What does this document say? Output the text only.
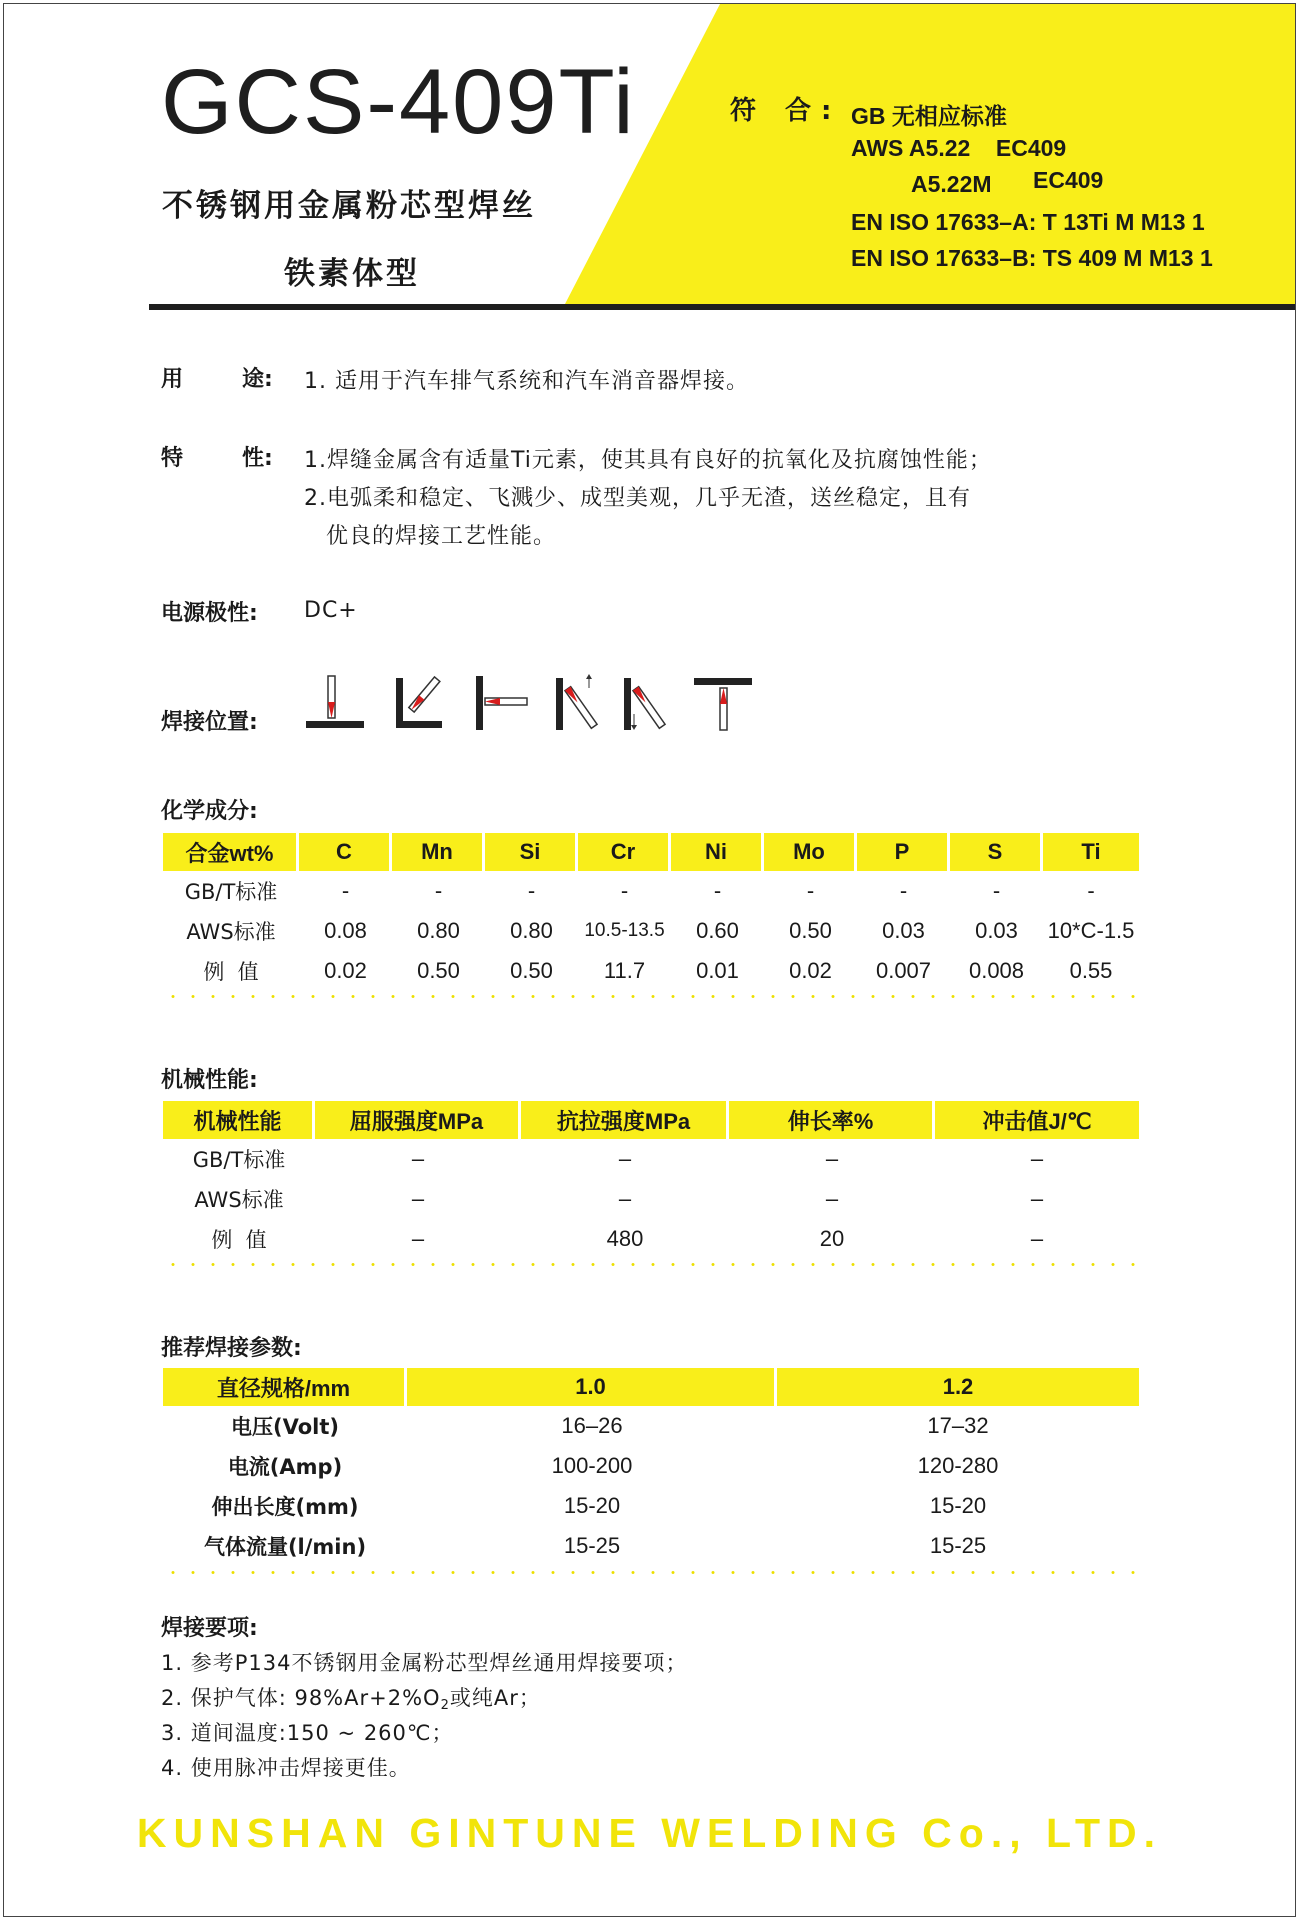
GCS-409Ti
不锈钢用金属粉芯型焊丝
铁素体型
符 合: GB 无相应标准
AWS A5.22    EC409
A5.22M EC409
EN ISO 17633–A: T 13Ti M M13 1
EN ISO 17633–B: TS 409 M M13 1
用	途: 1. 适用于汽车排气系统和汽车消音器焊接。
特	性: 1.焊缝金属含有适量Ti元素，使其具有良好的抗氧化及抗腐蚀性能；
2.电弧柔和稳定、飞溅少、成型美观，几乎无渣，送丝稳定，且有
优良的焊接工艺性能。
电源极性: DC+
焊接位置:
化学成分:
合金wt%	C	Mn	Si	Cr	Ni	Mo	P	S	Ti
GB/T标准	-	-	-	-	-	-	-	-	-
AWS标准	0.08	0.80	0.80	10.5-13.5	0.60	0.50	0.03	0.03	10*C-1.5
例  值	0.02	0.50	0.50	11.7	0.01	0.02	0.007	0.008	0.55
机械性能:
机械性能	屈服强度MPa	抗拉强度MPa	伸长率%	冲击值J/℃
GB/T标准	–	–	–	–
AWS标准	–	–	–	–
例  值	–	480	20	–
推荐焊接参数:
直径规格/mm	1.0	1.2
电压(Volt)	16–26	17–32
电流(Amp)	100-200	120-280
伸出长度(mm)	15-20	15-20
气体流量(l/min)	15-25	15-25
焊接要项:
1. 参考P134不锈钢用金属粉芯型焊丝通用焊接要项；
2. 保护气体: $98\%Ar+2\%O_2$或纯Ar；
3. 道间温度:150 ~ 260℃；
4. 使用脉冲击焊接更佳。
KUNSHAN GINTUNE WELDING Co., LTD.
